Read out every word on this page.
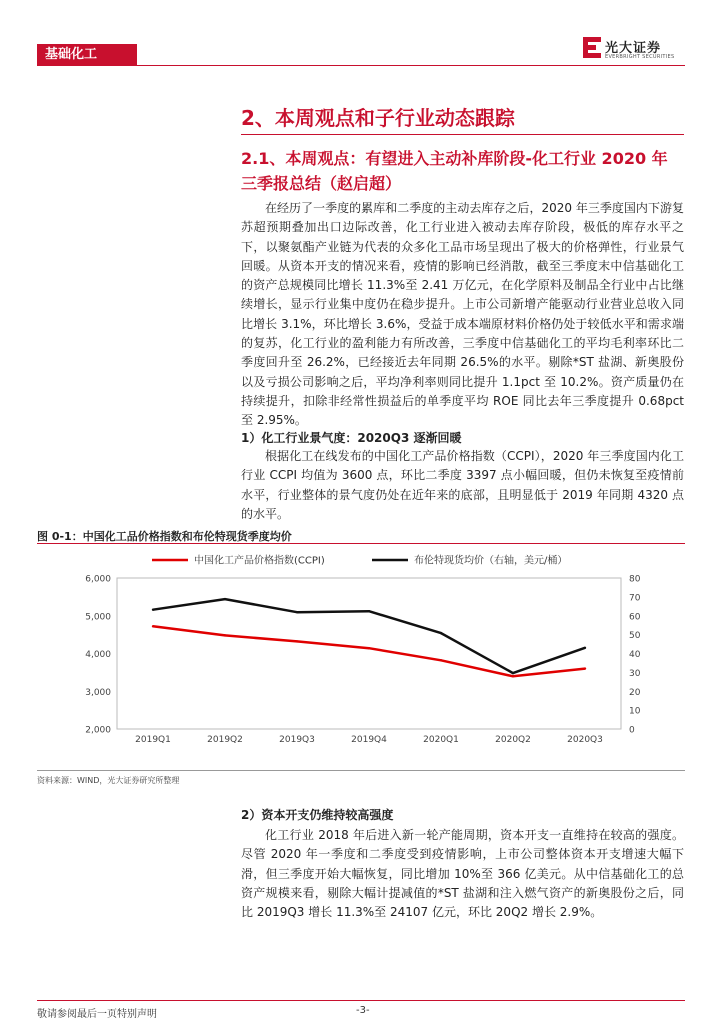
基础化工	光大证券
EVERBRIGHT SECURITIES
2、本周观点和子行业动态跟踪
2.1、本周观点：有望进入主动补库阶段-化工行业 2020 年三季报总结（赵启超）
在经历了一季度的累库和二季度的主动去库存之后，2020 年三季度国内下游复苏超预期叠加出口边际改善，化工行业进入被动去库存阶段，极低的库存水平之下，以聚氨酯产业链为代表的众多化工品市场呈现出了极大的价格弹性，行业景气回暖。从资本开支的情况来看，疫情的影响已经消散，截至三季度末中信基础化工的资产总规模同比增长 11.3%至 2.41 万亿元，在化学原料及制品全行业中占比继续增长，显示行业集中度仍在稳步提升。上市公司新增产能驱动行业营业总收入同比增长 3.1%，环比增长 3.6%，受益于成本端原材料价格仍处于较低水平和需求端的复苏，化工行业的盈利能力有所改善，三季度中信基础化工的平均毛利率环比二季度回升至 26.2%，已经接近去年同期 26.5%的水平。剔除*ST 盐湖、新奥股份以及亏损公司影响之后，平均净利率则同比提升 1.1pct 至 10.2%。资产质量仍在持续提升，扣除非经常性损益后的单季度平均 ROE 同比去年三季度提升 0.68pct 至 2.95%。
1）化工行业景气度：2020Q3 逐渐回暖
根据化工在线发布的中国化工产品价格指数（CCPI），2020 年三季度国内化工行业 CCPI 均值为 3600 点，环比二季度 3397 点小幅回暖，但仍未恢复至疫情前水平，行业整体的景气度仍处在近年来的底部，且明显低于 2019 年同期 4320 点的水平。
图 0-1：中国化工品价格指数和布伦特现货季度均价
2,000
3,000
4,000
5,000
6,000
0
10
20
30
40
50
60
70
80
2019Q1	2019Q2	2019Q3	2019Q4	2020Q1	2020Q2	2020Q3
中国化工产品价格指数(CCPI)	布伦特现货均价（右轴，美元/桶）
资料来源：WIND，光大证券研究所整理
2）资本开支仍维持较高强度
化工行业 2018 年后进入新一轮产能周期，资本开支一直维持在较高的强度。尽管 2020 年一季度和二季度受到疫情影响，上市公司整体资本开支增速大幅下滑，但三季度开始大幅恢复，同比增加 10%至 366 亿美元。从中信基础化工的总资产规模来看，剔除大幅计提减值的*ST 盐湖和注入燃气资产的新奥股份之后，同比 2019Q3 增长 11.3%至 24107 亿元，环比 20Q2 增长 2.9%。
敬请参阅最后一页特别声明	-3-
